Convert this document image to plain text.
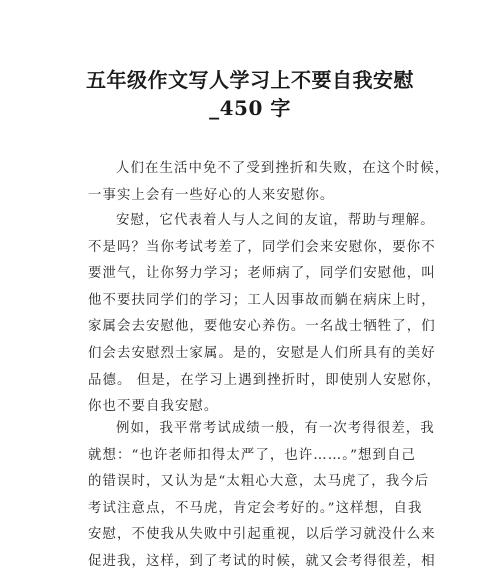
五年级作文写人学习上不要自我安慰
_450 字
人们在生活中免不了受到挫折和失败，在这个时候，
一事实上会有一些好心的人来安慰你。
安慰，它代表着人与人之间的友谊，帮助与理解。
不是吗？当你考试考差了，同学们会来安慰你，要你不
要泄气，让你努力学习；老师病了，同学们安慰他，叫
他不要扶同学们的学习；工人因事故而躺在病床上时，
家属会去安慰他，要他安心养伤。一名战士牺牲了，们
们会去安慰烈士家属。是的，安慰是人们所具有的美好
品德。 但是，在学习上遇到挫折时，即使别人安慰你，
你也不要自我安慰。
例如，我平常考试成绩一般，有一次考得很差，我
就想：“也许老师扣得太严了，也许……。”想到自己
的错误时，又认为是“太粗心大意，太马虎了，我今后
考试注意点，不马虎，肯定会考好的。”这样想，自我
安慰，不使我从失败中引起重视，以后学习就没什么来
促进我，这样，到了考试的时候，就又会考得很差，相
